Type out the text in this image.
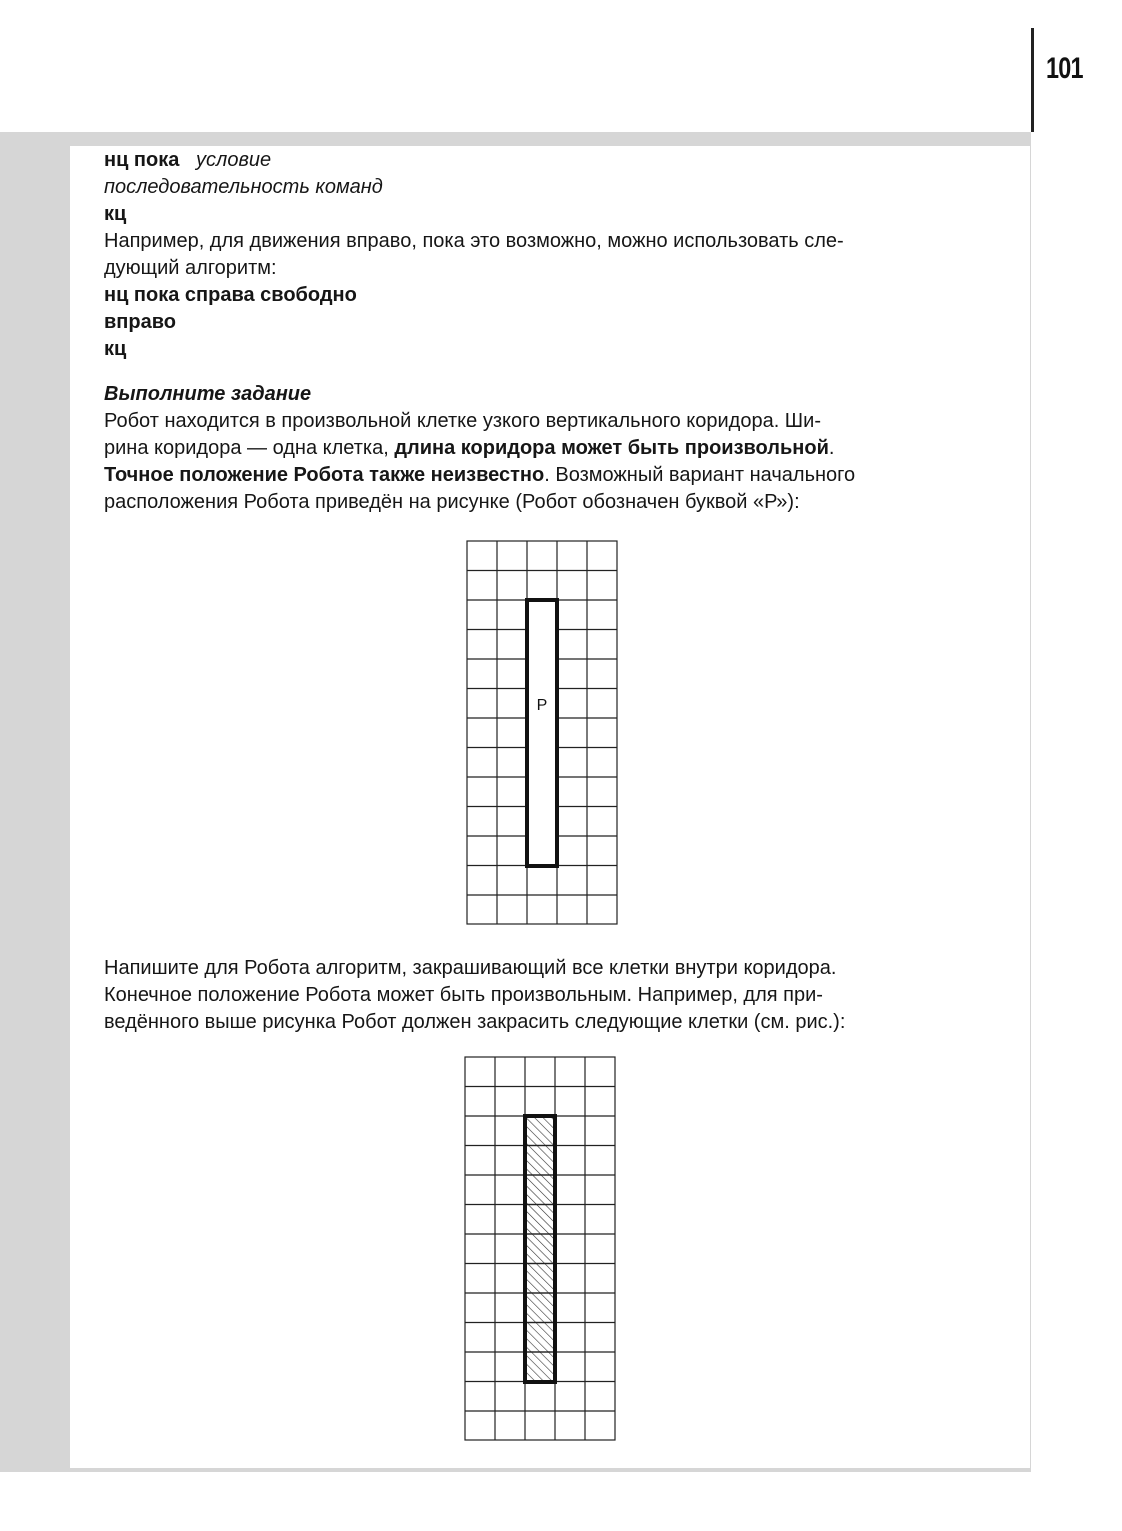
101
нц пока условие
последовательность команд
кц
Например, для движения вправо, пока это возможно, можно использовать сле-
дующий алгоритм:
нц пока справа свободно
вправо
кц
Выполните задание
Робот находится в произвольной клетке узкого вертикального коридора. Ши-
рина коридора — одна клетка, длина коридора может быть произвольной.
Точное положение Робота также неизвестно. Возможный вариант начального
расположения Робота приведён на рисунке (Робот обозначен буквой «Р»):
Р
Напишите для Робота алгоритм, закрашивающий все клетки внутри коридора.
Конечное положение Робота может быть произвольным. Например, для при-
ведённого выше рисунка Робот должен закрасить следующие клетки (см. рис.):
